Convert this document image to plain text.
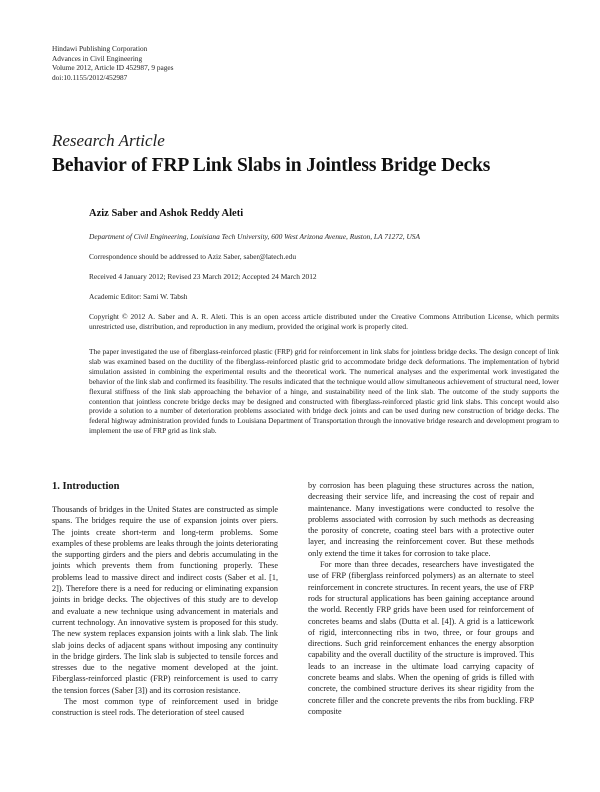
Hindawi Publishing Corporation
Advances in Civil Engineering
Volume 2012, Article ID 452987, 9 pages
doi:10.1155/2012/452987
Research Article
Behavior of FRP Link Slabs in Jointless Bridge Decks
Aziz Saber and Ashok Reddy Aleti
Department of Civil Engineering, Louisiana Tech University, 600 West Arizona Avenue, Ruston, LA 71272, USA
Correspondence should be addressed to Aziz Saber, saber@latech.edu
Received 4 January 2012; Revised 23 March 2012; Accepted 24 March 2012
Academic Editor: Sami W. Tabsh
Copyright © 2012 A. Saber and A. R. Aleti. This is an open access article distributed under the Creative Commons Attribution License, which permits unrestricted use, distribution, and reproduction in any medium, provided the original work is properly cited.
The paper investigated the use of fiberglass-reinforced plastic (FRP) grid for reinforcement in link slabs for jointless bridge decks. The design concept of link slab was examined based on the ductility of the fiberglass-reinforced plastic grid to accommodate bridge deck deformations. The implementation of hybrid simulation assisted in combining the experimental results and the theoretical work. The numerical analyses and the experimental work investigated the behavior of the link slab and confirmed its feasibility. The results indicated that the technique would allow simultaneous achievement of structural need, lower flexural stiffness of the link slab approaching the behavior of a hinge, and sustainability need of the link slab. The outcome of the study supports the contention that jointless concrete bridge decks may be designed and constructed with fiberglass-reinforced plastic grid link slabs. This concept would also provide a solution to a number of deterioration problems associated with bridge deck joints and can be used during new construction of bridge decks. The federal highway administration provided funds to Louisiana Department of Transportation through the innovative bridge research and development program to implement the use of FRP grid as link slab.
1. Introduction

Thousands of bridges in the United States are constructed as simple spans. The bridges require the use of expansion joints over piers. The joints create short-term and long-term problems. Some examples of these problems are leaks through the joints deteriorating the supporting girders and the piers and debris accumulating in the joints which prevents them from functioning properly. These problems lead to massive direct and indirect costs (Saber et al. [1, 2]). Therefore there is a need for reducing or eliminating expansion joints in bridge decks. The objectives of this study are to develop and evaluate a new technique using advancement in materials and current technology. An innovative system is proposed for this study. The new system replaces expansion joints with a link slab. The link slab joins decks of adjacent spans without imposing any continuity in the bridge girders. The link slab is subjected to tensile forces and stresses due to the negative moment developed at the joint. Fiberglass-reinforced plastic (FRP) reinforcement is used to carry the tension forces (Saber [3]) and its corrosion resistance.

The most common type of reinforcement used in bridge construction is steel rods. The deterioration of steel caused

by corrosion has been plaguing these structures across the nation, decreasing their service life, and increasing the cost of repair and maintenance. Many investigations were conducted to resolve the problems associated with corrosion by such methods as decreasing the porosity of concrete, coating steel bars with a protective outer layer, and increasing the reinforcement cover. But these methods only extend the time it takes for corrosion to take place.

For more than three decades, researchers have investigated the use of FRP (fiberglass reinforced polymers) as an alternate to steel reinforcement in concrete structures. In recent years, the use of FRP rods for structural applications has been gaining acceptance around the world. Recently FRP grids have been used for reinforcement of concretes beams and slabs (Dutta et al. [4]). A grid is a latticework of rigid, interconnecting ribs in two, three, or four groups and directions. Such grid reinforcement enhances the energy absorption capability and the overall ductility of the structure is improved. This leads to an increase in the ultimate load carrying capacity of concrete beams and slabs. When the opening of grids is filled with concrete, the combined structure derives its shear rigidity from the concrete filler and the concrete prevents the ribs from buckling. FRP composite
